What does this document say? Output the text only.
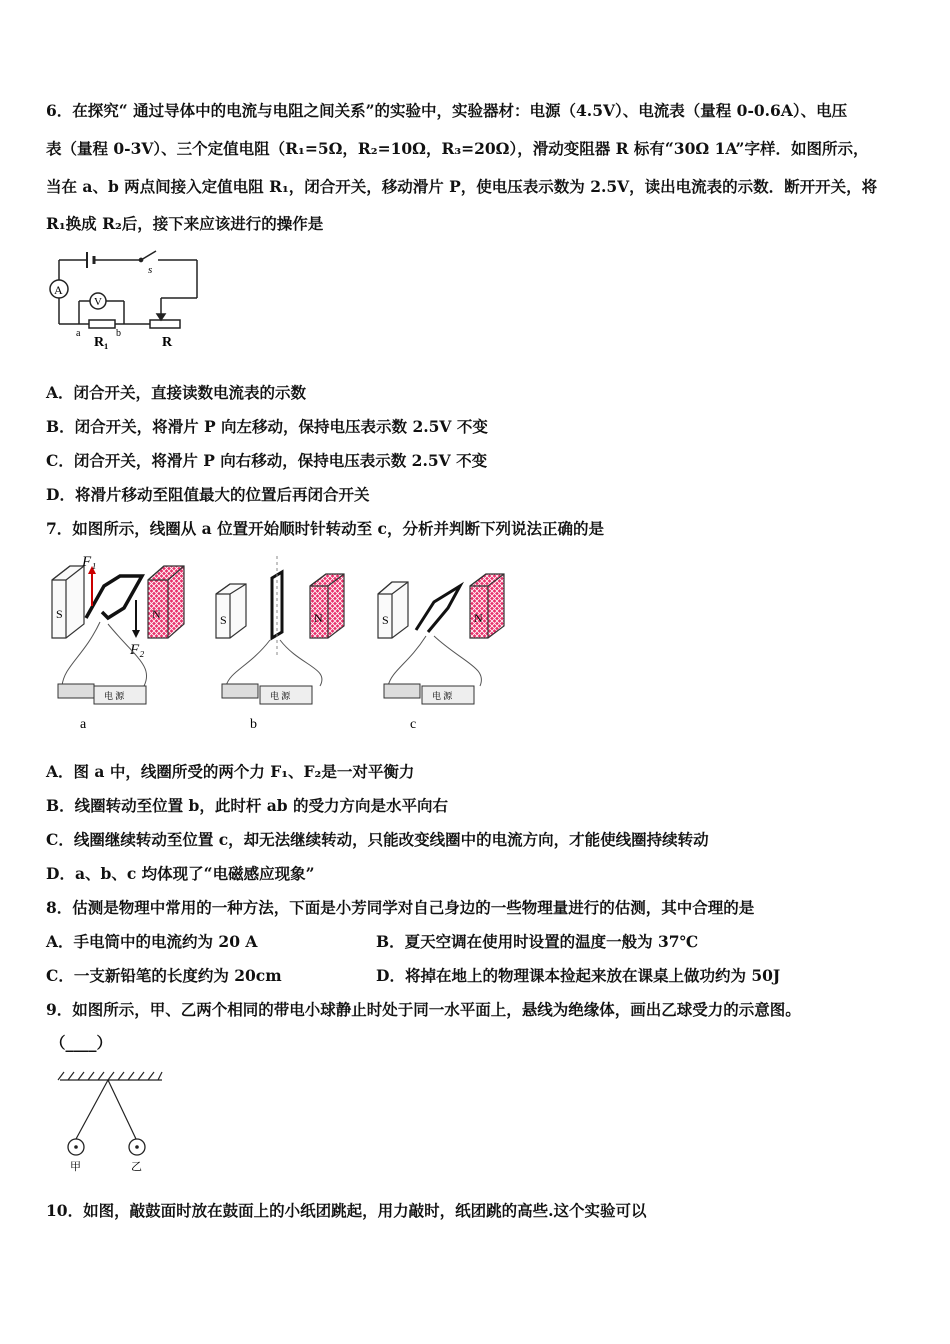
6．在探究“ 通过导体中的电流与电阻之间关系”的实验中，实验器材：电源（4.5V）、电流表（量程 0-0.6A）、电压
表（量程 0-3V）、三个定值电阻（R₁=5Ω，R₂=10Ω，R₃=20Ω），滑动变阻器 R 标有“30Ω 1A”字样．如图所示，
当在 a、b 两点间接入定值电阻 R₁，闭合开关，移动滑片 P，使电压表示数为 2.5V，读出电流表的示数．断开开关，将
R₁换成 R₂后，接下来应该进行的操作是
s
A
V
a	b
R₁	R
A．闭合开关，直接读数电流表的示数
B．闭合开关，将滑片 P 向左移动，保持电压表示数 2.5V 不变
C．闭合开关，将滑片 P 向右移动，保持电压表示数 2.5V 不变
D．将滑片移动至阻值最大的位置后再闭合开关
7．如图所示，线圈从 a 位置开始顺时针转动至 c，分析并判断下列说法正确的是
S	N
F₁
F₂
电 源
a
S	N
电 源
b
S	N
电 源
c
A．图 a 中，线圈所受的两个力 F₁、F₂是一对平衡力
B．线圈转动至位置 b，此时杆 ab 的受力方向是水平向右
C．线圈继续转动至位置 c，却无法继续转动，只能改变线圈中的电流方向，才能使线圈持续转动
D．a、b、c 均体现了“电磁感应现象”
8．估测是物理中常用的一种方法，下面是小芳同学对自己身边的一些物理量进行的估测，其中合理的是
A．手电筒中的电流约为 20 A	B．夏天空调在使用时设置的温度一般为 37℃
C．一支新铅笔的长度约为 20cm	D．将掉在地上的物理课本捡起来放在课桌上做功约为 50J
9．如图所示，甲、乙两个相同的带电小球静止时处于同一水平面上，悬线为绝缘体，画出乙球受力的示意图。
（____）
甲	乙
10．如图，敲鼓面时放在鼓面上的小纸团跳起，用力敲时，纸团跳的高些.这个实验可以
